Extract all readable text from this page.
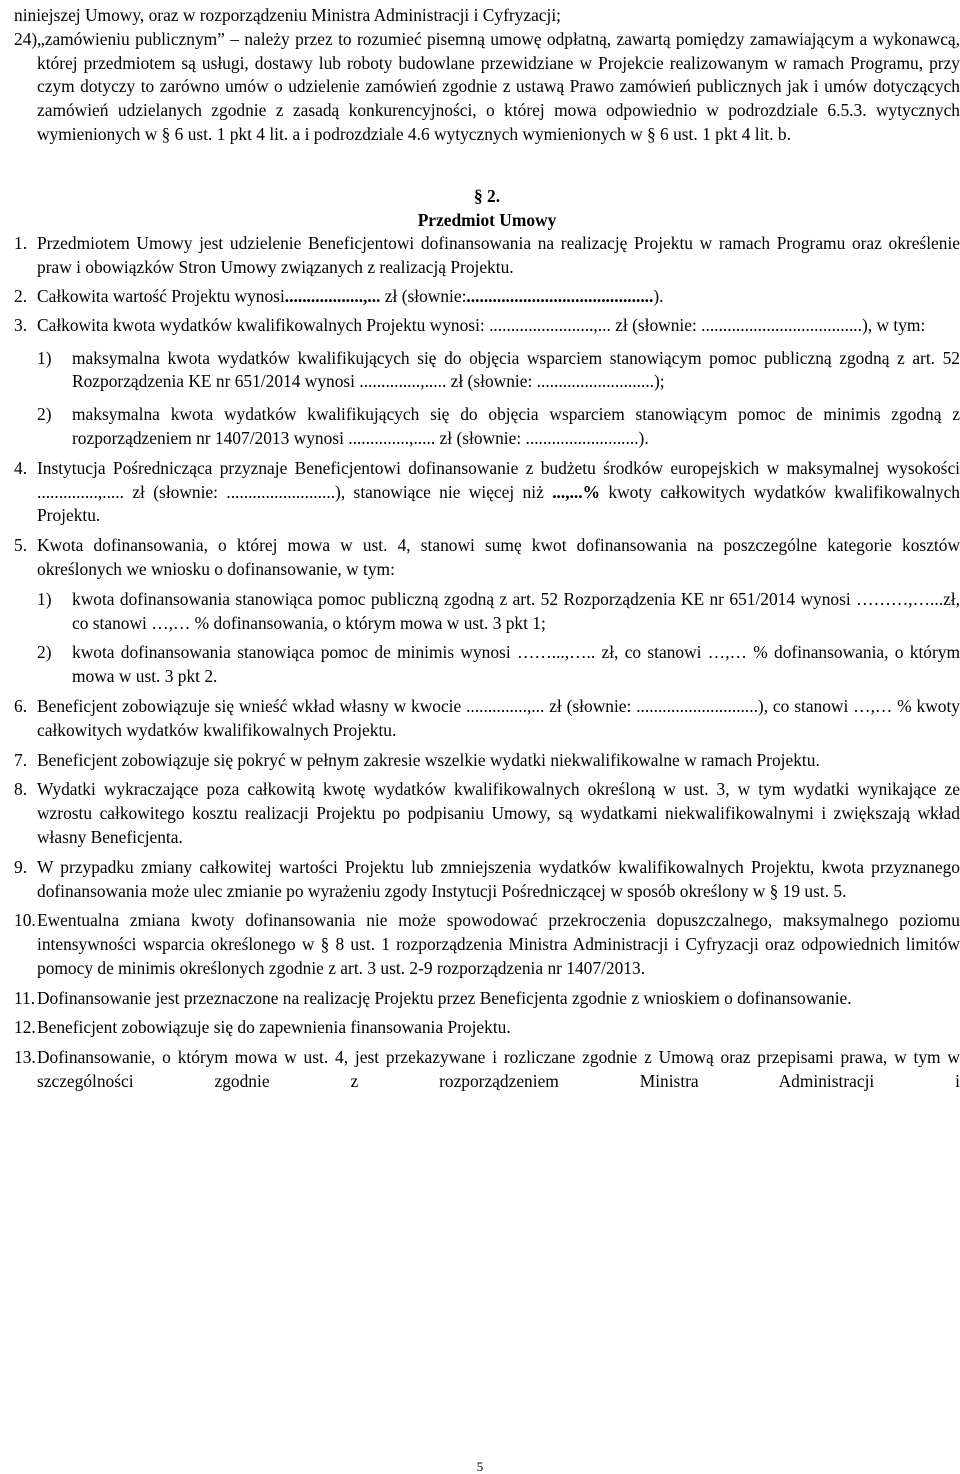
niniejszej Umowy, oraz w rozporządzeniu Ministra Administracji i Cyfryzacji;

24) „zamówieniu publicznym” – należy przez to rozumieć pisemną umowę odpłatną, zawartą pomiędzy zamawiającym a wykonawcą, której przedmiotem są usługi, dostawy lub roboty budowlane przewidziane w Projekcie realizowanym w ramach Programu, przy czym dotyczy to zarówno umów o udzielenie zamówień zgodnie z ustawą Prawo zamówień publicznych jak i umów dotyczących zamówień udzielanych zgodnie z zasadą konkurencyjności, o której mowa odpowiednio w podrozdziale 6.5.3. wytycznych wymienionych w § 6 ust. 1 pkt 4 lit. a i podrozdziale 4.6 wytycznych wymienionych w § 6 ust. 1 pkt 4 lit. b.

§ 2.

Przedmiot Umowy

1. Przedmiotem Umowy jest udzielenie Beneficjentowi dofinansowania na realizację Projektu w ramach Programu oraz określenie praw i obowiązków Stron Umowy związanych z realizacją Projektu.
2. Całkowita wartość Projektu wynosi..................,... zł (słownie:...........................................).
3. Całkowita kwota wydatków kwalifikowalnych Projektu wynosi: ........................,... zł (słownie: .....................................), w tym:
1)	maksymalna kwota wydatków kwalifikujących się do objęcia wsparciem stanowiącym pomoc publiczną zgodną z art. 52 Rozporządzenia KE nr 651/2014 wynosi ..............,..... zł (słownie: ...........................);
2)	maksymalna kwota wydatków kwalifikujących się do objęcia wsparciem stanowiącym pomoc de minimis zgodną z rozporządzeniem nr 1407/2013 wynosi ..............,..... zł (słownie: ..........................).
4. Instytucja Pośrednicząca przyznaje Beneficjentowi dofinansowanie z budżetu środków europejskich w maksymalnej wysokości ..............,..... zł (słownie: .........................), stanowiące nie więcej niż ...,...% kwoty całkowitych wydatków kwalifikowalnych Projektu.
5. Kwota dofinansowania, o której mowa w ust. 4, stanowi sumę kwot dofinansowania na poszczególne kategorie kosztów określonych we wniosku o dofinansowanie, w tym:
1)	kwota dofinansowania stanowiąca pomoc publiczną zgodną z art. 52 Rozporządzenia KE nr 651/2014 wynosi ………,…...zł, co stanowi …,… % dofinansowania, o którym mowa w ust. 3 pkt 1;
2)	kwota dofinansowania stanowiąca pomoc de minimis wynosi ……...,….. zł, co stanowi …,… % dofinansowania, o którym mowa w ust. 3 pkt 2.
6. Beneficjent zobowiązuje się wnieść wkład własny w kwocie ..............,... zł (słownie: ............................), co stanowi …,… % kwoty całkowitych wydatków kwalifikowalnych Projektu.
7. Beneficjent zobowiązuje się pokryć w pełnym zakresie wszelkie wydatki niekwalifikowalne w ramach Projektu.
8. Wydatki wykraczające poza całkowitą kwotę wydatków kwalifikowalnych określoną w ust. 3, w tym wydatki wynikające ze wzrostu całkowitego kosztu realizacji Projektu po podpisaniu Umowy, są wydatkami niekwalifikowalnymi i zwiększają wkład własny Beneficjenta.
9. W przypadku zmiany całkowitej wartości Projektu lub zmniejszenia wydatków kwalifikowalnych Projektu, kwota przyznanego dofinansowania może ulec zmianie po wyrażeniu zgody Instytucji Pośredniczącej w sposób określony w § 19 ust. 5.
10. Ewentualna zmiana kwoty dofinansowania nie może spowodować przekroczenia dopuszczalnego, maksymalnego poziomu intensywności wsparcia określonego w § 8 ust. 1 rozporządzenia Ministra Administracji i Cyfryzacji oraz odpowiednich limitów pomocy de minimis określonych zgodnie z art. 3 ust. 2-9 rozporządzenia nr 1407/2013.
11. Dofinansowanie jest przeznaczone na realizację Projektu przez Beneficjenta zgodnie z wnioskiem o dofinansowanie.
12. Beneficjent zobowiązuje się do zapewnienia finansowania Projektu.
13. Dofinansowanie, o którym mowa w ust. 4, jest przekazywane i rozliczane zgodnie z Umową oraz przepisami prawa, w tym w szczególności zgodnie z rozporządzeniem Ministra Administracji i
5
